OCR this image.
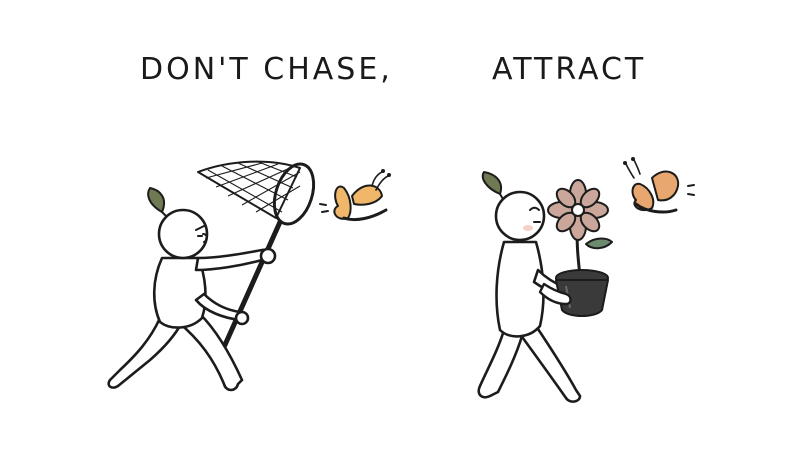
DON'T CHASE,	ATTRACT
